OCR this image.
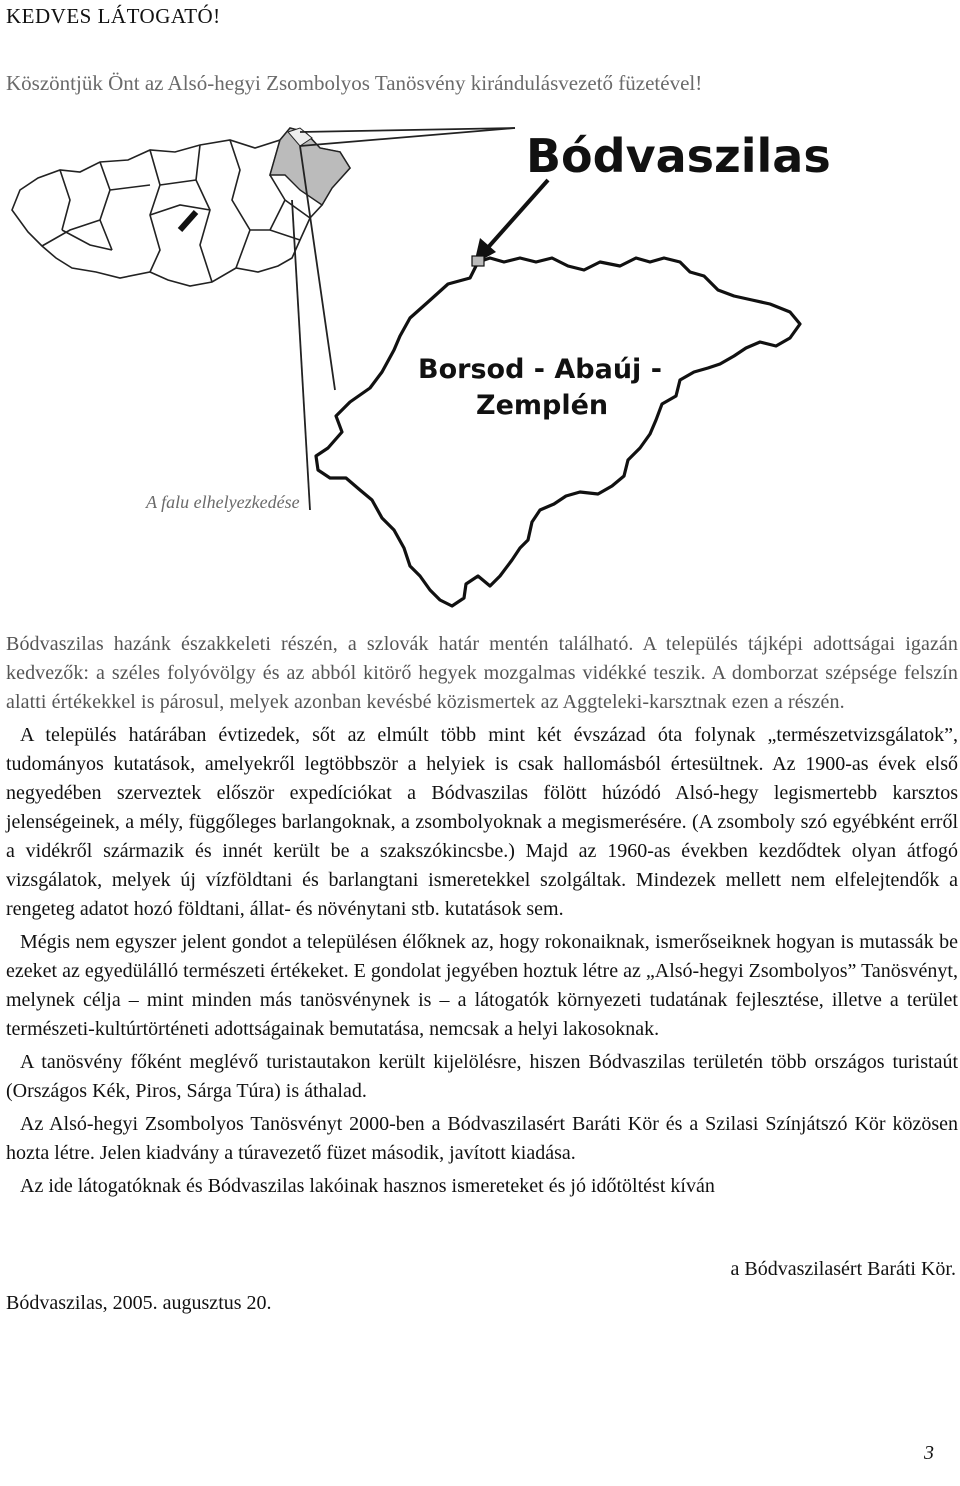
KEDVES LÁTOGATÓ!
Köszöntjük Önt az Alsó-hegyi Zsombolyos Tanösvény kirándulásvezető füzetével!
Bódvaszilas
Borsod - Abaúj -
Zemplén
A falu elhelyezkedése

Bódvaszilas hazánk északkeleti részén, a szlovák határ mentén található. A település tájképi adottságai igazán kedvezők: a széles folyóvölgy és az abból kitörő hegyek mozgalmas vidékké teszik. A domborzat szépsége felszín alatti értékekkel is párosul, melyek azonban kevésbé közismertek az Aggteleki-karsztnak ezen a részén.

A település határában évtizedek, sőt az elmúlt több mint két évszázad óta folynak „természetvizsgálatok”, tudományos kutatások, amelyekről legtöbbször a helyiek is csak hallomásból értesültnek. Az 1900-as évek első negyedében szerveztek először expedíciókat a Bódvaszilas fölött húzódó Alsó-hegy legismertebb karsztos jelenségeinek, a mély, függőleges barlangoknak, a zsombolyoknak a megismerésére. (A zsomboly szó egyébként erről a vidékről származik és innét került be a szakszókincsbe.) Majd az 1960-as években kezdődtek olyan átfogó vizsgálatok, melyek új vízföldtani és barlangtani ismeretekkel szolgáltak. Mindezek mellett nem elfelejtendők a rengeteg adatot hozó földtani, állat- és növénytani stb. kutatások sem.

Mégis nem egyszer jelent gondot a településen élőknek az, hogy rokonaiknak, ismerőseiknek hogyan is mutassák be ezeket az egyedülálló természeti értékeket. E gondolat jegyében hoztuk létre az „Alsó-hegyi Zsombolyos” Tanösvényt, melynek célja – mint minden más tanösvénynek is – a látogatók környezeti tudatának fejlesztése, illetve a terület természeti-kultúrtörténeti adottságainak bemutatása, nemcsak a helyi lakosoknak.

A tanösvény főként meglévő turistautakon került kijelölésre, hiszen Bódvaszilas területén több országos turistaút (Országos Kék, Piros, Sárga Túra) is áthalad.

Az Alsó-hegyi Zsombolyos Tanösvényt 2000-ben a Bódvaszilasért Baráti Kör és a Szilasi Színjátszó Kör közösen hozta létre. Jelen kiadvány a túravezető füzet második, javított kiadása.

Az ide látogatóknak és Bódvaszilas lakóinak hasznos ismereteket és jó időtöltést kíván

a Bódvaszilasért Baráti Kör.
Bódvaszilas, 2005. augusztus 20.
3
